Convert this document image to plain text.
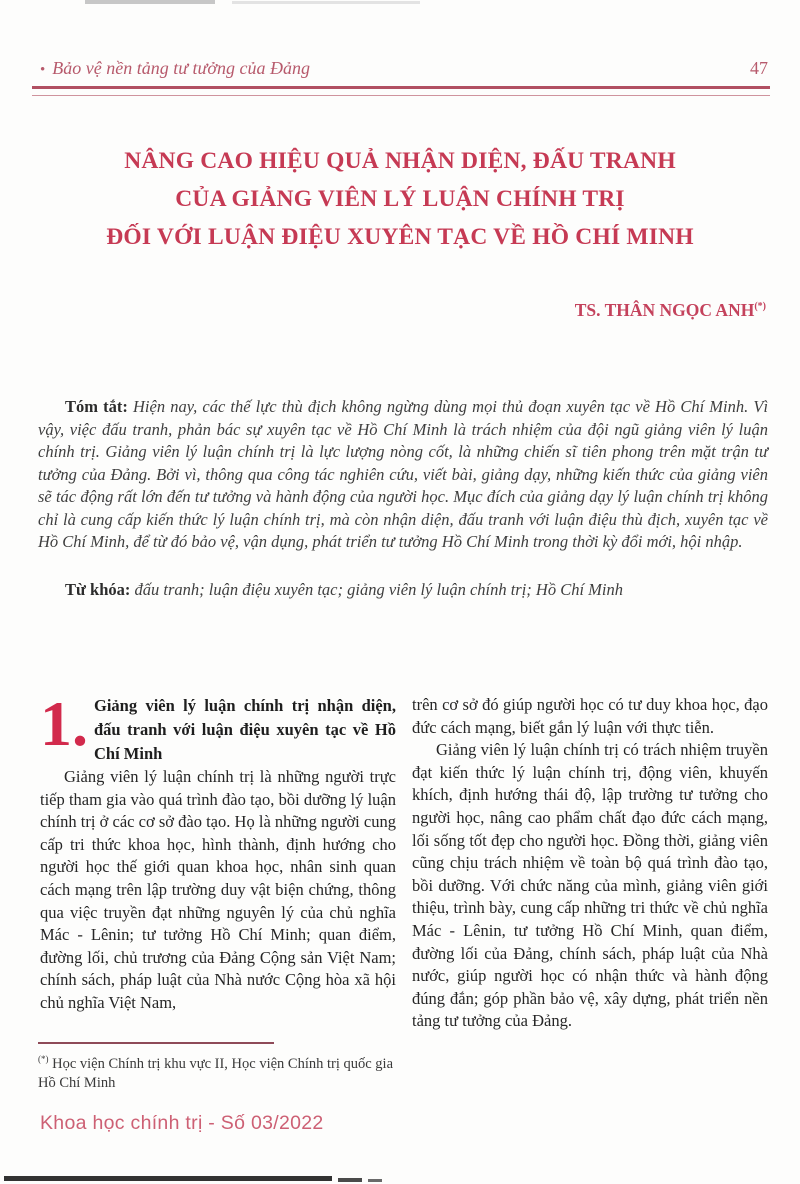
• Bảo vệ nền tảng tư tưởng của Đảng	47
NÂNG CAO HIỆU QUẢ NHẬN DIỆN, ĐẤU TRANH
CỦA GIẢNG VIÊN LÝ LUẬN CHÍNH TRỊ
ĐỐI VỚI LUẬN ĐIỆU XUYÊN TẠC VỀ HỒ CHÍ MINH
TS. THÂN NGỌC ANH(*)

Tóm tắt: Hiện nay, các thế lực thù địch không ngừng dùng mọi thủ đoạn xuyên tạc về Hồ Chí Minh. Vì vậy, việc đấu tranh, phản bác sự xuyên tạc về Hồ Chí Minh là trách nhiệm của đội ngũ giảng viên lý luận chính trị. Giảng viên lý luận chính trị là lực lượng nòng cốt, là những chiến sĩ tiên phong trên mặt trận tư tưởng của Đảng. Bởi vì, thông qua công tác nghiên cứu, viết bài, giảng dạy, những kiến thức của giảng viên sẽ tác động rất lớn đến tư tưởng và hành động của người học. Mục đích của giảng dạy lý luận chính trị không chỉ là cung cấp kiến thức lý luận chính trị, mà còn nhận diện, đấu tranh với luận điệu thù địch, xuyên tạc về Hồ Chí Minh, để từ đó bảo vệ, vận dụng, phát triển tư tưởng Hồ Chí Minh trong thời kỳ đổi mới, hội nhập.

Từ khóa: đấu tranh; luận điệu xuyên tạc; giảng viên lý luận chính trị; Hồ Chí Minh

1. Giảng viên lý luận chính trị nhận diện, đấu tranh với luận điệu xuyên tạc về Hồ Chí Minh

Giảng viên lý luận chính trị là những người trực tiếp tham gia vào quá trình đào tạo, bồi dưỡng lý luận chính trị ở các cơ sở đào tạo. Họ là những người cung cấp tri thức khoa học, hình thành, định hướng cho người học thế giới quan khoa học, nhân sinh quan cách mạng trên lập trường duy vật biện chứng, thông qua việc truyền đạt những nguyên lý của chủ nghĩa Mác - Lênin; tư tưởng Hồ Chí Minh; quan điểm, đường lối, chủ trương của Đảng Cộng sản Việt Nam; chính sách, pháp luật của Nhà nước Cộng hòa xã hội chủ nghĩa Việt Nam,

trên cơ sở đó giúp người học có tư duy khoa học, đạo đức cách mạng, biết gắn lý luận với thực tiễn.

Giảng viên lý luận chính trị có trách nhiệm truyền đạt kiến thức lý luận chính trị, động viên, khuyến khích, định hướng thái độ, lập trường tư tưởng cho người học, nâng cao phẩm chất đạo đức cách mạng, lối sống tốt đẹp cho người học. Đồng thời, giảng viên cũng chịu trách nhiệm về toàn bộ quá trình đào tạo, bồi dưỡng. Với chức năng của mình, giảng viên giới thiệu, trình bày, cung cấp những tri thức về chủ nghĩa Mác - Lênin, tư tưởng Hồ Chí Minh, quan điểm, đường lối của Đảng, chính sách, pháp luật của Nhà nước, giúp người học có nhận thức và hành động đúng đắn; góp phần bảo vệ, xây dựng, phát triển nền tảng tư tưởng của Đảng.

(*) Học viện Chính trị khu vực II, Học viện Chính trị quốc gia Hồ Chí Minh
Khoa học chính trị - Số 03/2022
